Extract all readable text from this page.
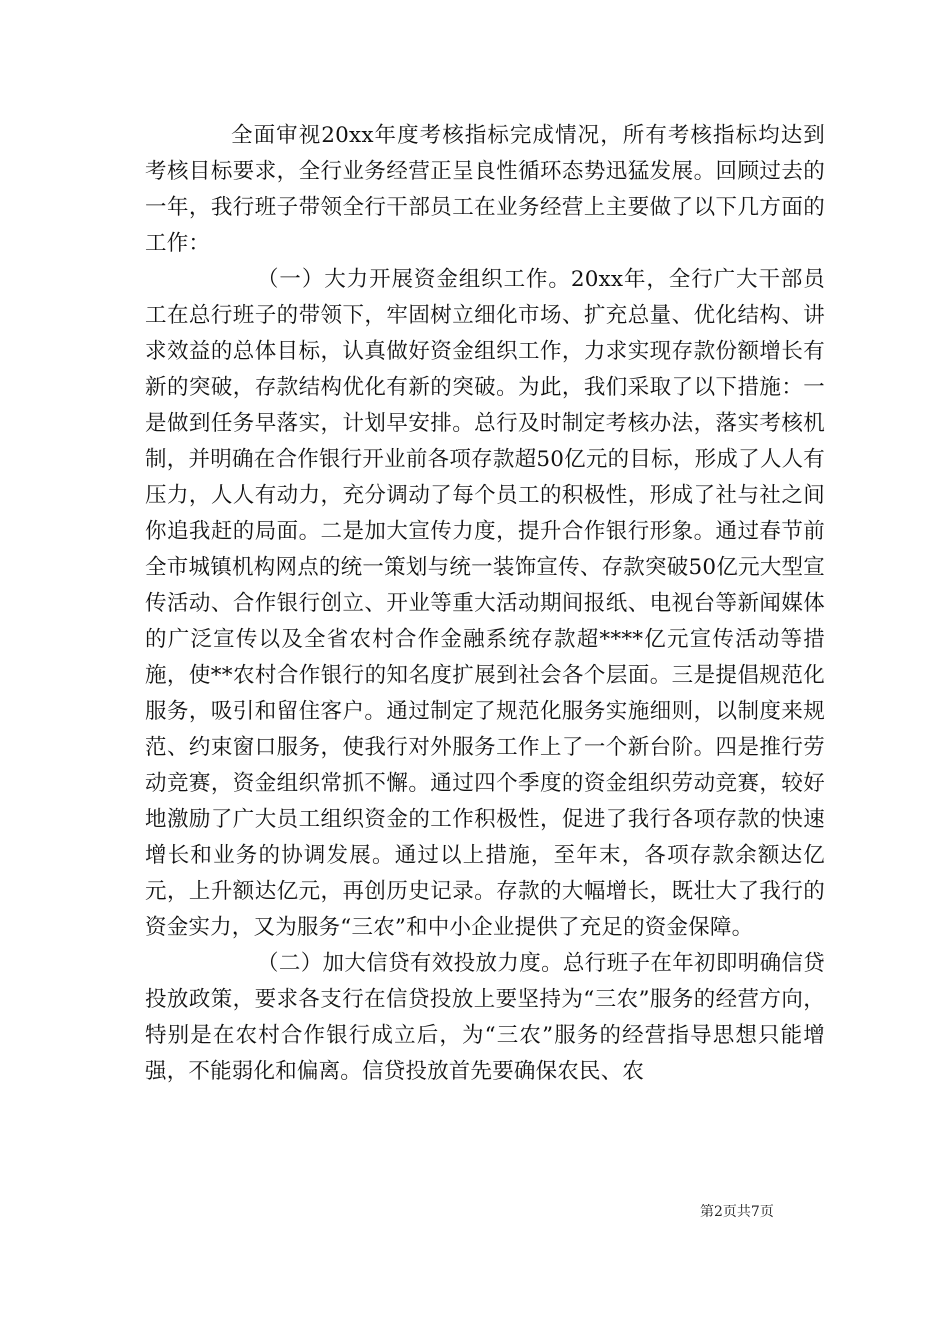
全面审视20xx年度考核指标完成情况，所有考核指标均达到考核目标要求，全行业务经营正呈良性循环态势迅猛发展。回顾过去的一年，我行班子带领全行干部员工在业务经营上主要做了以下几方面的工作：

（一）大力开展资金组织工作。20xx年，全行广大干部员工在总行班子的带领下，牢固树立细化市场、扩充总量、优化结构、讲求效益的总体目标，认真做好资金组织工作，力求实现存款份额增长有新的突破，存款结构优化有新的突破。为此，我们采取了以下措施：一是做到任务早落实，计划早安排。总行及时制定考核办法，落实考核机制，并明确在合作银行开业前各项存款超50亿元的目标，形成了人人有压力，人人有动力，充分调动了每个员工的积极性，形成了社与社之间你追我赶的局面。二是加大宣传力度，提升合作银行形象。通过春节前全市城镇机构网点的统一策划与统一装饰宣传、存款突破50亿元大型宣传活动、合作银行创立、开业等重大活动期间报纸、电视台等新闻媒体的广泛宣传以及全省农村合作金融系统存款超****亿元宣传活动等措施，使**农村合作银行的知名度扩展到社会各个层面。三是提倡规范化服务，吸引和留住客户。通过制定了规范化服务实施细则，以制度来规范、约束窗口服务，使我行对外服务工作上了一个新台阶。四是推行劳动竞赛，资金组织常抓不懈。通过四个季度的资金组织劳动竞赛，较好地激励了广大员工组织资金的工作积极性，促进了我行各项存款的快速增长和业务的协调发展。通过以上措施，至年末，各项存款余额达亿元，上升额达亿元，再创历史记录。存款的大幅增长，既壮大了我行的资金实力，又为服务“三农”和中小企业提供了充足的资金保障。

（二）加大信贷有效投放力度。总行班子在年初即明确信贷投放政策，要求各支行在信贷投放上要坚持为“三农”服务的经营方向，特别是在农村合作银行成立后，为“三农”服务的经营指导思想只能增强，不能弱化和偏离。信贷投放首先要确保农民、农

第2页共7页
